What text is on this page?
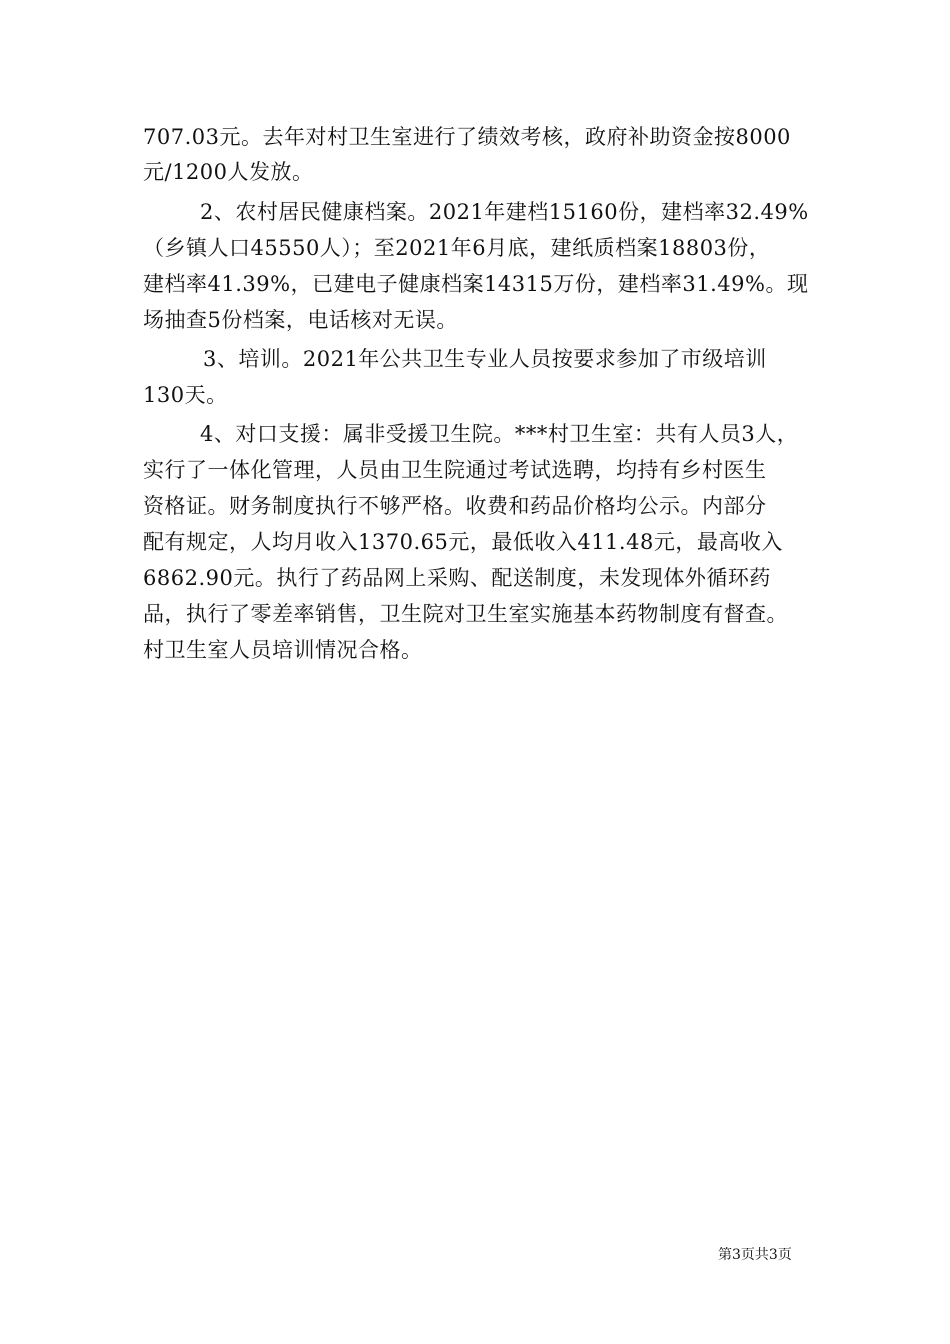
707.03元。去年对村卫生室进行了绩效考核，政府补助资金按8000
元/1200人发放。
2、农村居民健康档案。2021年建档15160份，建档率32.49%
（乡镇人口45550人）；至2021年6月底，建纸质档案18803份，
建档率41.39%，已建电子健康档案14315万份，建档率31.49%。现
场抽查5份档案，电话核对无误。
3、培训。2021年公共卫生专业人员按要求参加了市级培训
130天。
4、对口支援：属非受援卫生院。***村卫生室：共有人员3人，
实行了一体化管理，人员由卫生院通过考试选聘，均持有乡村医生
资格证。财务制度执行不够严格。收费和药品价格均公示。内部分
配有规定，人均月收入1370.65元，最低收入411.48元，最高收入
6862.90元。执行了药品网上采购、配送制度，未发现体外循环药
品，执行了零差率销售，卫生院对卫生室实施基本药物制度有督查。
村卫生室人员培训情况合格。
第3页共3页
